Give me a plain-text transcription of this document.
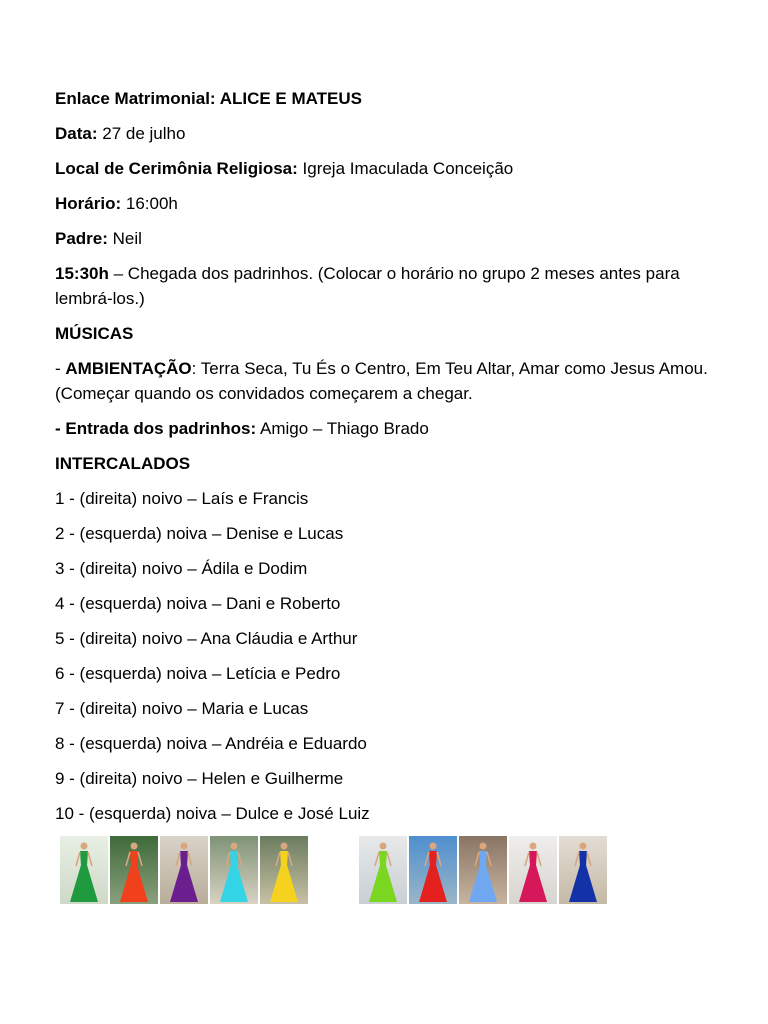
Enlace Matrimonial: ALICE E MATEUS
Data: 27 de julho
Local de Cerimônia Religiosa: Igreja Imaculada Conceição
Horário: 16:00h
Padre: Neil
15:30h – Chegada dos padrinhos. (Colocar o horário no grupo 2 meses antes para lembrá-los.)
MÚSICAS
- AMBIENTAÇÃO: Terra Seca, Tu És o Centro, Em Teu Altar, Amar como Jesus Amou. (Começar quando os convidados começarem a chegar.
- Entrada dos padrinhos: Amigo – Thiago Brado
INTERCALADOS
1 - (direita) noivo – Laís e Francis
2 - (esquerda) noiva – Denise e Lucas
3 - (direita) noivo – Ádila e Dodim
4 - (esquerda) noiva – Dani e Roberto
5 - (direita) noivo – Ana Cláudia e Arthur
6 - (esquerda) noiva – Letícia e Pedro
7 - (direita) noivo – Maria e Lucas
8 - (esquerda) noiva – Andréia e Eduardo
9 - (direita) noivo – Helen e Guilherme
10 - (esquerda) noiva – Dulce e José Luiz
